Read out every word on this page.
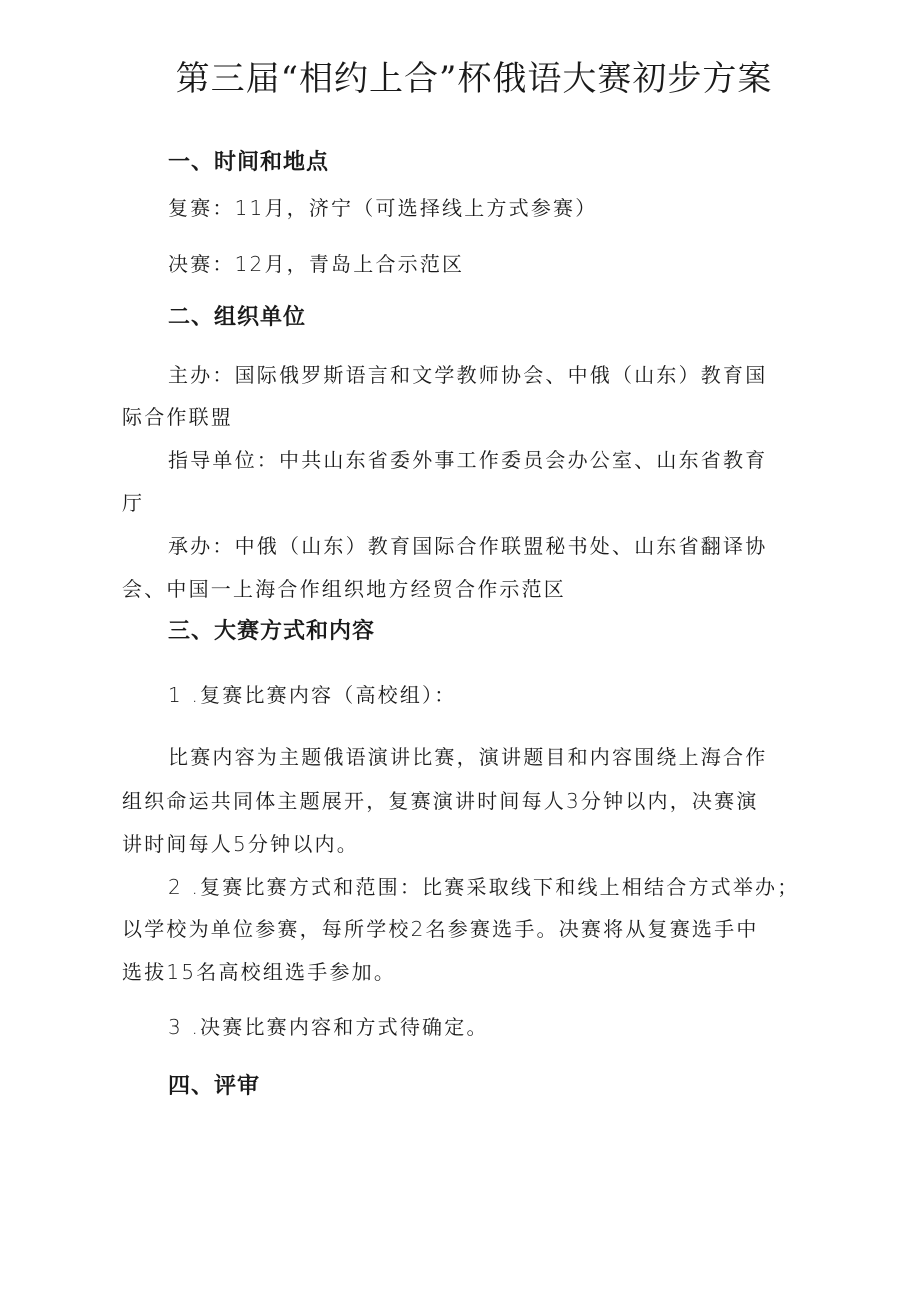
第三届“相约上合”杯俄语大赛初步方案
一、时间和地点
复赛：11月，济宁（可选择线上方式参赛）
决赛：12月，青岛上合示范区
二、组织单位
主办：国际俄罗斯语言和文学教师协会、中俄（山东）教育国
际合作联盟
指导单位：中共山东省委外事工作委员会办公室、山东省教育
厅
承办：中俄（山东）教育国际合作联盟秘书处、山东省翻译协
会、中国一上海合作组织地方经贸合作示范区
三、大赛方式和内容
1 .复赛比赛内容（高校组）：
比赛内容为主题俄语演讲比赛，演讲题目和内容围绕上海合作
组织命运共同体主题展开，复赛演讲时间每人3分钟以内，决赛演
讲时间每人5分钟以内。
2 .复赛比赛方式和范围：比赛采取线下和线上相结合方式举办；
以学校为单位参赛，每所学校2名参赛选手。决赛将从复赛选手中
选拔15名高校组选手参加。
3 .决赛比赛内容和方式待确定。
四、评审
